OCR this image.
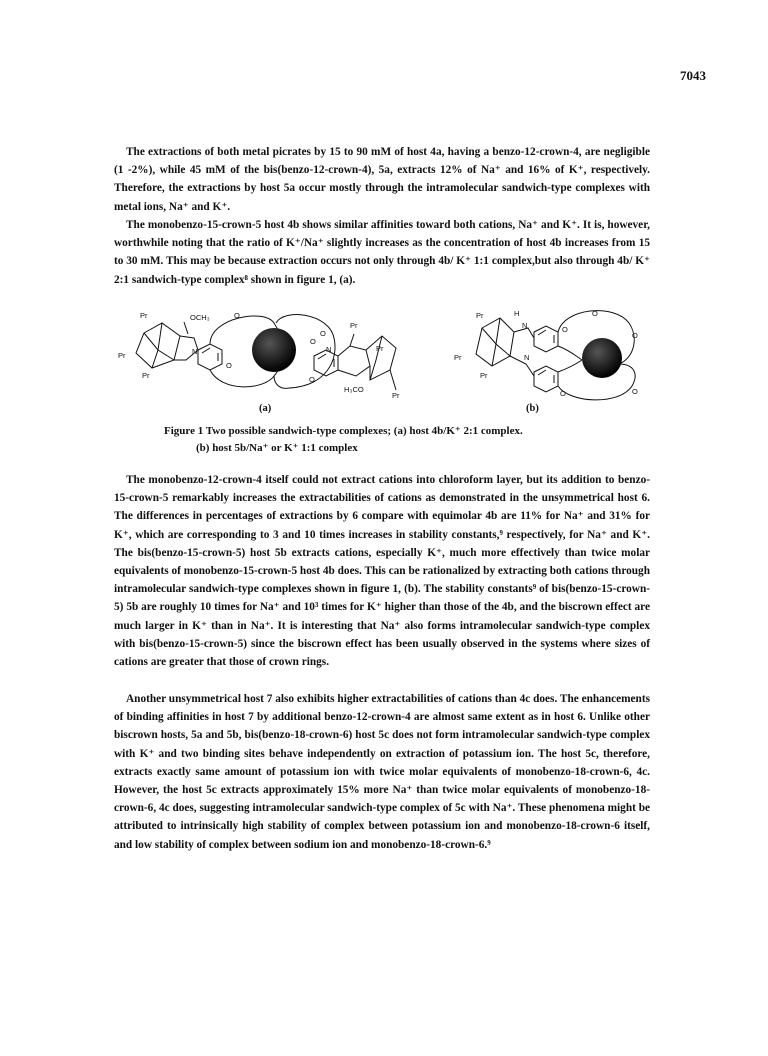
7043

The extractions of both metal picrates by 15 to 90 mM of host 4a, having a benzo-12-crown-4, are negligible (1 -2%), while 45 mM of the bis(benzo-12-crown-4), 5a, extracts 12% of Na⁺ and 16% of K⁺, respectively. Therefore, the extractions by host 5a occur mostly through the intramolecular sandwich-type complexes with metal ions, Na⁺ and K⁺.

The monobenzo-15-crown-5 host 4b shows similar affinities toward both cations, Na⁺ and K⁺. It is, however, worthwhile noting that the ratio of K⁺/Na⁺ slightly increases as the concentration of host 4b increases from 15 to 30 mM. This may be because extraction occurs not only through 4b/ K⁺ 1:1 complex,but also through 4b/ K⁺ 2:1 sandwich-type complex⁸ shown in figure 1, (a).

Pr	OCH₃
Pr
Pr
N
O
O
O
O
O
N
Pr
Pr
H₃CO
Pr
Pr	H
N
Pr
Pr
N
O
O
O
O
O
(a)	(b)
Figure 1 Two possible sandwich-type complexes; (a) host 4b/K⁺ 2:1 complex.
(b) host 5b/Na⁺ or K⁺ 1:1 complex

The monobenzo-12-crown-4 itself could not extract cations into chloroform layer, but its addition to benzo-15-crown-5 remarkably increases the extractabilities of cations as demonstrated in the unsymmetrical host 6. The differences in percentages of extractions by 6 compare with equimolar 4b are 11% for Na⁺ and 31% for K⁺, which are corresponding to 3 and 10 times increases in stability constants,⁹ respectively, for Na⁺ and K⁺. The bis(benzo-15-crown-5) host 5b extracts cations, especially K⁺, much more effectively than twice molar equivalents of monobenzo-15-crown-5 host 4b does. This can be rationalized by extracting both cations through intramolecular sandwich-type complexes shown in figure 1, (b). The stability constants⁹ of bis(benzo-15-crown-5) 5b are roughly 10 times for Na⁺ and 10³ times for K⁺ higher than those of the 4b, and the biscrown effect are much larger in K⁺ than in Na⁺. It is interesting that Na⁺ also forms intramolecular sandwich-type complex with bis(benzo-15-crown-5) since the biscrown effect has been usually observed in the systems where sizes of cations are greater that those of crown rings.

Another unsymmetrical host 7 also exhibits higher extractabilities of cations than 4c does. The enhancements of binding affinities in host 7 by additional benzo-12-crown-4 are almost same extent as in host 6. Unlike other biscrown hosts, 5a and 5b, bis(benzo-18-crown-6) host 5c does not form intramolecular sandwich-type complex with K⁺ and two binding sites behave independently on extraction of potassium ion. The host 5c, therefore, extracts exactly same amount of potassium ion with twice molar equivalents of monobenzo-18-crown-6, 4c. However, the host 5c extracts approximately 15% more Na⁺ than twice molar equivalents of monobenzo-18-crown-6, 4c does, suggesting intramolecular sandwich-type complex of 5c with Na⁺. These phenomena might be attributed to intrinsically high stability of complex between potassium ion and monobenzo-18-crown-6 itself, and low stability of complex between sodium ion and monobenzo-18-crown-6.⁹
